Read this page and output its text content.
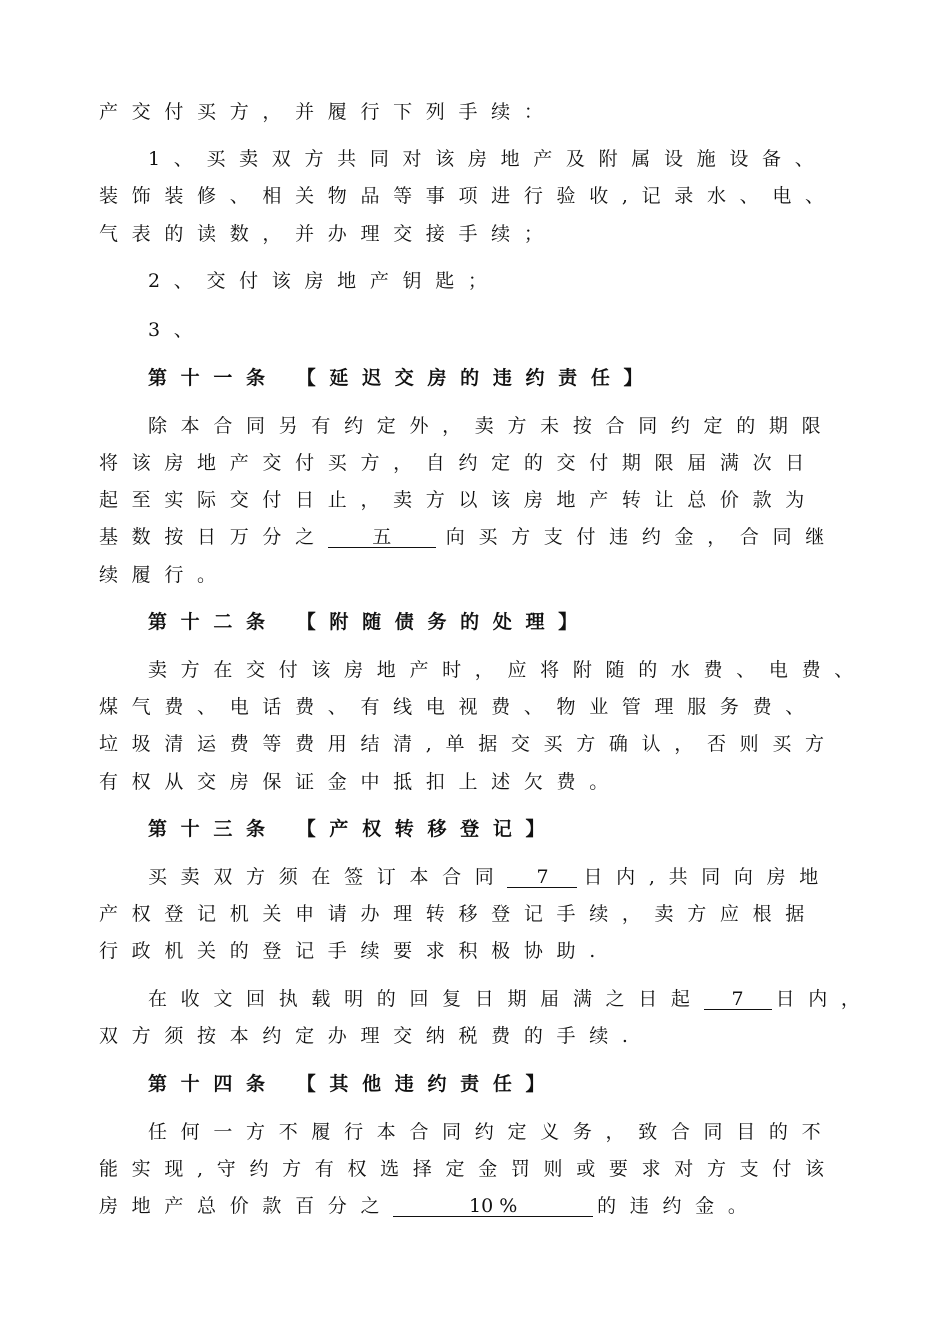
产交付买方，并履行下列手续：
1、买卖双方共同对该房地产及附属设施设备、
装饰装修、相关物品等事项进行验收,记录水、电、
气表的读数，并办理交接手续；
2、交付该房地产钥匙；
3、
第十一条 【延迟交房的违约责任】
除本合同另有约定外，卖方未按合同约定的期限
将该房地产交付买方，自约定的交付期限届满次日
起至实际交付日止，卖方以该房地产转让总价款为
基数按日万分之 五	向买方支付违约金，合同继
续履行。
第十二条 【附随债务的处理】
卖方在交付该房地产时，应将附随的水费、电费、
煤气费、电话费、有线电视费、物业管理服务费、
垃圾清运费等费用结清,单据交买方确认，否则买方
有权从交房保证金中抵扣上述欠费。
第十三条 【产权转移登记】
买卖双方须在签订本合同 7 日内,共同向房地
产权登记机关申请办理转移登记手续，卖方应根据
行政机关的登记手续要求积极协助.
在收文回执载明的回复日期届满之日起 7 日内，
双方须按本约定办理交纳税费的手续.
第十四条 【其他违约责任】
任何一方不履行本合同约定义务，致合同目的不
能实现,守约方有权选择定金罚则或要求对方支付该
房地产总价款百分之	10 %	的违约金。
